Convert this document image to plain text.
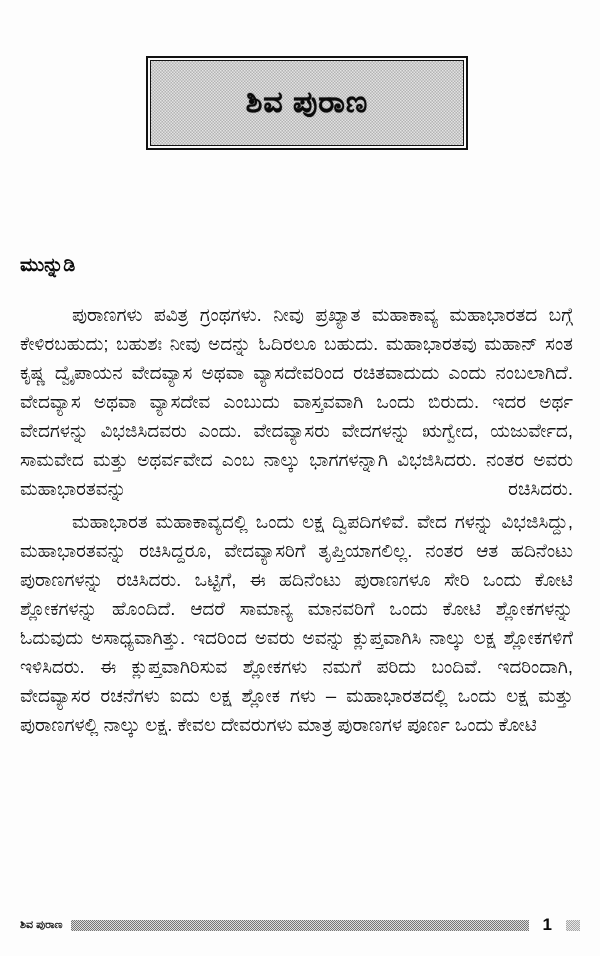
ಶಿವ ಪುರಾಣ
ಮುನ್ನುಡಿ

ಪುರಾಣಗಳು ಪವಿತ್ರ ಗ್ರಂಥಗಳು. ನೀವು ಪ್ರಖ್ಯಾತ ಮಹಾಕಾವ್ಯ ಮಹಾಭಾರತದ ಬಗ್ಗೆ ಕೇಳಿರಬಹುದು; ಬಹುಶಃ ನೀವು ಅದನ್ನು ಓದಿರಲೂ ಬಹುದು. ಮಹಾಭಾರತವು ಮಹಾನ್ ಸಂತ ಕೃಷ್ಣ ದ್ವೈಪಾಯನ ವೇದವ್ಯಾಸ ಅಥವಾ ವ್ಯಾಸದೇವರಿಂದ ರಚಿತವಾದುದು ಎಂದು ನಂಬಲಾಗಿದೆ. ವೇದವ್ಯಾಸ ಅಥವಾ ವ್ಯಾಸದೇವ ಎಂಬುದು ವಾಸ್ತವವಾಗಿ ಒಂದು ಬಿರುದು. ಇದರ ಅರ್ಥ ವೇದಗಳನ್ನು ವಿಭಜಿಸಿದವರು ಎಂದು. ವೇದವ್ಯಾಸರು ವೇದಗಳನ್ನು ಋಗ್ವೇದ, ಯಜುರ್ವೇದ, ಸಾಮವೇದ ಮತ್ತು ಅಥರ್ವವೇದ ಎಂಬ ನಾಲ್ಕು ಭಾಗಗಳನ್ನಾಗಿ ವಿಭಜಿಸಿದರು. ನಂತರ ಅವರು ಮಹಾಭಾರತವನ್ನು ರಚಿಸಿದರು.

ಮಹಾಭಾರತ ಮಹಾಕಾವ್ಯದಲ್ಲಿ ಒಂದು ಲಕ್ಷ ದ್ವಿಪದಿಗಳಿವೆ. ವೇದ ಗಳನ್ನು ವಿಭಜಿಸಿದ್ದು, ಮಹಾಭಾರತವನ್ನು ರಚಿಸಿದ್ದರೂ, ವೇದವ್ಯಾಸರಿಗೆ ತೃಪ್ತಿಯಾಗಲಿಲ್ಲ. ನಂತರ ಆತ ಹದಿನೆಂಟು ಪುರಾಣಗಳನ್ನು ರಚಿಸಿದರು. ಒಟ್ಟಿಗೆ, ಈ ಹದಿನೆಂಟು ಪುರಾಣಗಳೂ ಸೇರಿ ಒಂದು ಕೋಟಿ ಶ್ಲೋಕಗಳನ್ನು ಹೊಂದಿದೆ. ಆದರೆ ಸಾಮಾನ್ಯ ಮಾನವರಿಗೆ ಒಂದು ಕೋಟಿ ಶ್ಲೋಕಗಳನ್ನು ಓದುವುದು ಅಸಾಧ್ಯವಾಗಿತ್ತು. ಇದರಿಂದ ಅವರು ಅವನ್ನು ಕ್ಲುಪ್ತವಾಗಿಸಿ ನಾಲ್ಕು ಲಕ್ಷ ಶ್ಲೋಕಗಳಿಗೆ ಇಳಿಸಿದರು. ಈ ಕ್ಲುಪ್ತವಾಗಿರಿಸುವ ಶ್ಲೋಕಗಳು ನಮಗೆ ಪರಿದು ಬಂದಿವೆ. ಇದರಿಂದಾಗಿ, ವೇದವ್ಯಾಸರ ರಚನೆಗಳು ಐದು ಲಕ್ಷ ಶ್ಲೋಕ ಗಳು – ಮಹಾಭಾರತದಲ್ಲಿ ಒಂದು ಲಕ್ಷ ಮತ್ತು ಪುರಾಣಗಳಲ್ಲಿ ನಾಲ್ಕು ಲಕ್ಷ. ಕೇವಲ ದೇವರುಗಳು ಮಾತ್ರ ಪುರಾಣಗಳ ಪೂರ್ಣ ಒಂದು ಕೋಟಿ

ಶಿವ ಪುರಾಣ	1
